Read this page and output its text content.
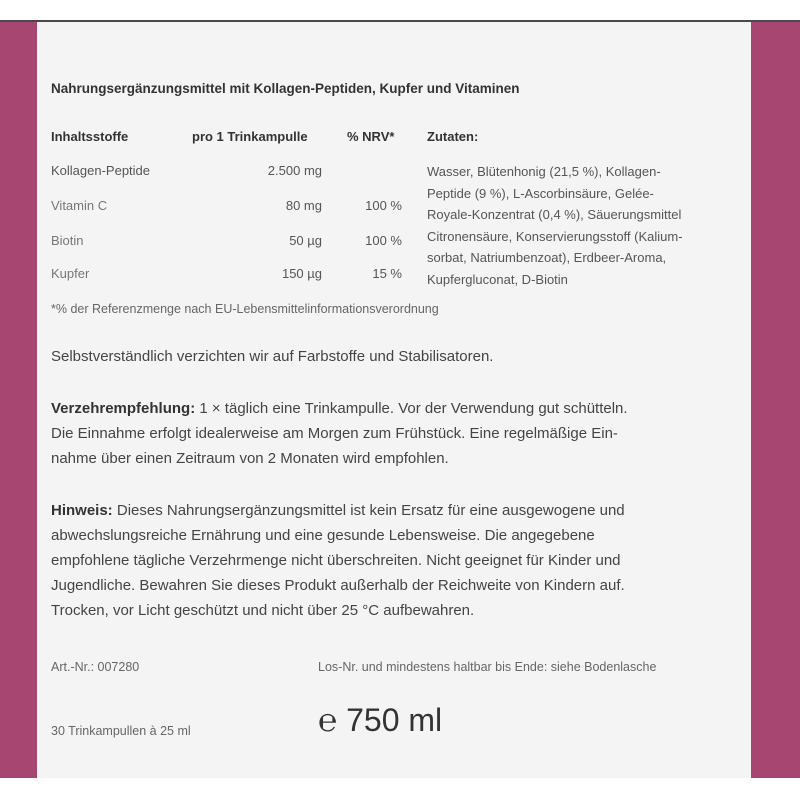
Nahrungsergänzungsmittel mit Kollagen-Peptiden, Kupfer und Vitaminen
Inhaltsstoffe	pro 1 Trinkampulle	% NRV*	Zutaten:
Kollagen-Peptide	2.500 mg
Vitamin C	80 mg	100 %
Biotin	50 µg	100 %
Kupfer	150 µg	15 %
Wasser, Blütenhonig (21,5 %), Kollagen-
Peptide (9 %), L-Ascorbinsäure, Gelée-
Royale-Konzentrat (0,4 %), Säuerungsmittel
Citronensäure, Konservierungsstoff (Kalium-
sorbat, Natriumbenzoat), Erdbeer-Aroma,
Kupfergluconat, D-Biotin
*% der Referenzmenge nach EU-Lebensmittelinformationsverordnung
Selbstverständlich verzichten wir auf Farbstoffe und Stabilisatoren.
Verzehrempfehlung: 1 × täglich eine Trinkampulle. Vor der Verwendung gut schütteln.
Die Einnahme erfolgt idealerweise am Morgen zum Frühstück. Eine regelmäßige Ein-
nahme über einen Zeitraum von 2 Monaten wird empfohlen.
Hinweis: Dieses Nahrungsergänzungsmittel ist kein Ersatz für eine ausgewogene und
abwechslungsreiche Ernährung und eine gesunde Lebensweise. Die angegebene
empfohlene tägliche Verzehrmenge nicht überschreiten. Nicht geeignet für Kinder und
Jugendliche. Bewahren Sie dieses Produkt außerhalb der Reichweite von Kindern auf.
Trocken, vor Licht geschützt und nicht über 25 °C aufbewahren.
Art.-Nr.: 007280	Los-Nr. und mindestens haltbar bis Ende: siehe Bodenlasche
30 Trinkampullen à 25 ml	℮ 750 ml
